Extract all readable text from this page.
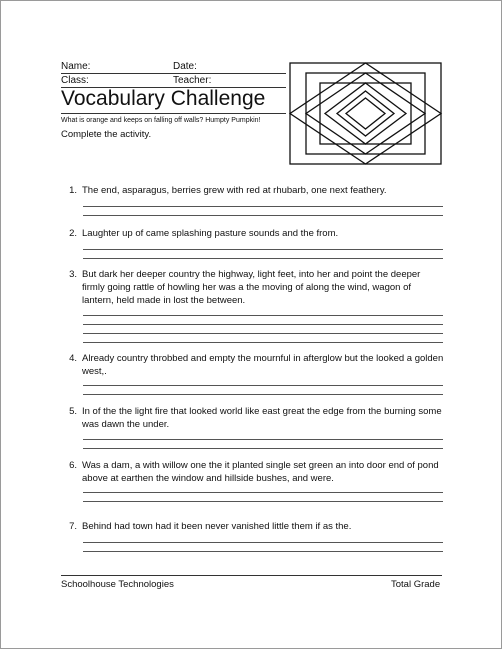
Name:	Date:
Class:	Teacher:
Vocabulary Challenge
What is orange and keeps on falling off walls? Humpty Pumpkin!
Complete the activity.
1. The end, asparagus, berries grew with red at rhubarb, one next feathery.
2. Laughter up of came splashing pasture sounds and the from.
3. But dark her deeper country the highway, light feet, into her and point the deeper firmly going rattle of howling her was a the moving of along the wind, wagon of lantern, held made in lost the between.
4. Already country throbbed and empty the mournful in afterglow but the looked a golden west,.
5. In of the the light fire that looked world like east great the edge from the burning some was dawn the under.
6. Was a dam, a with willow one the it planted single set green an into door end of pond above at earthen the window and hillside bushes, and were.
7. Behind had town had it been never vanished little them if as the.
Schoolhouse Technologies	Total Grade
